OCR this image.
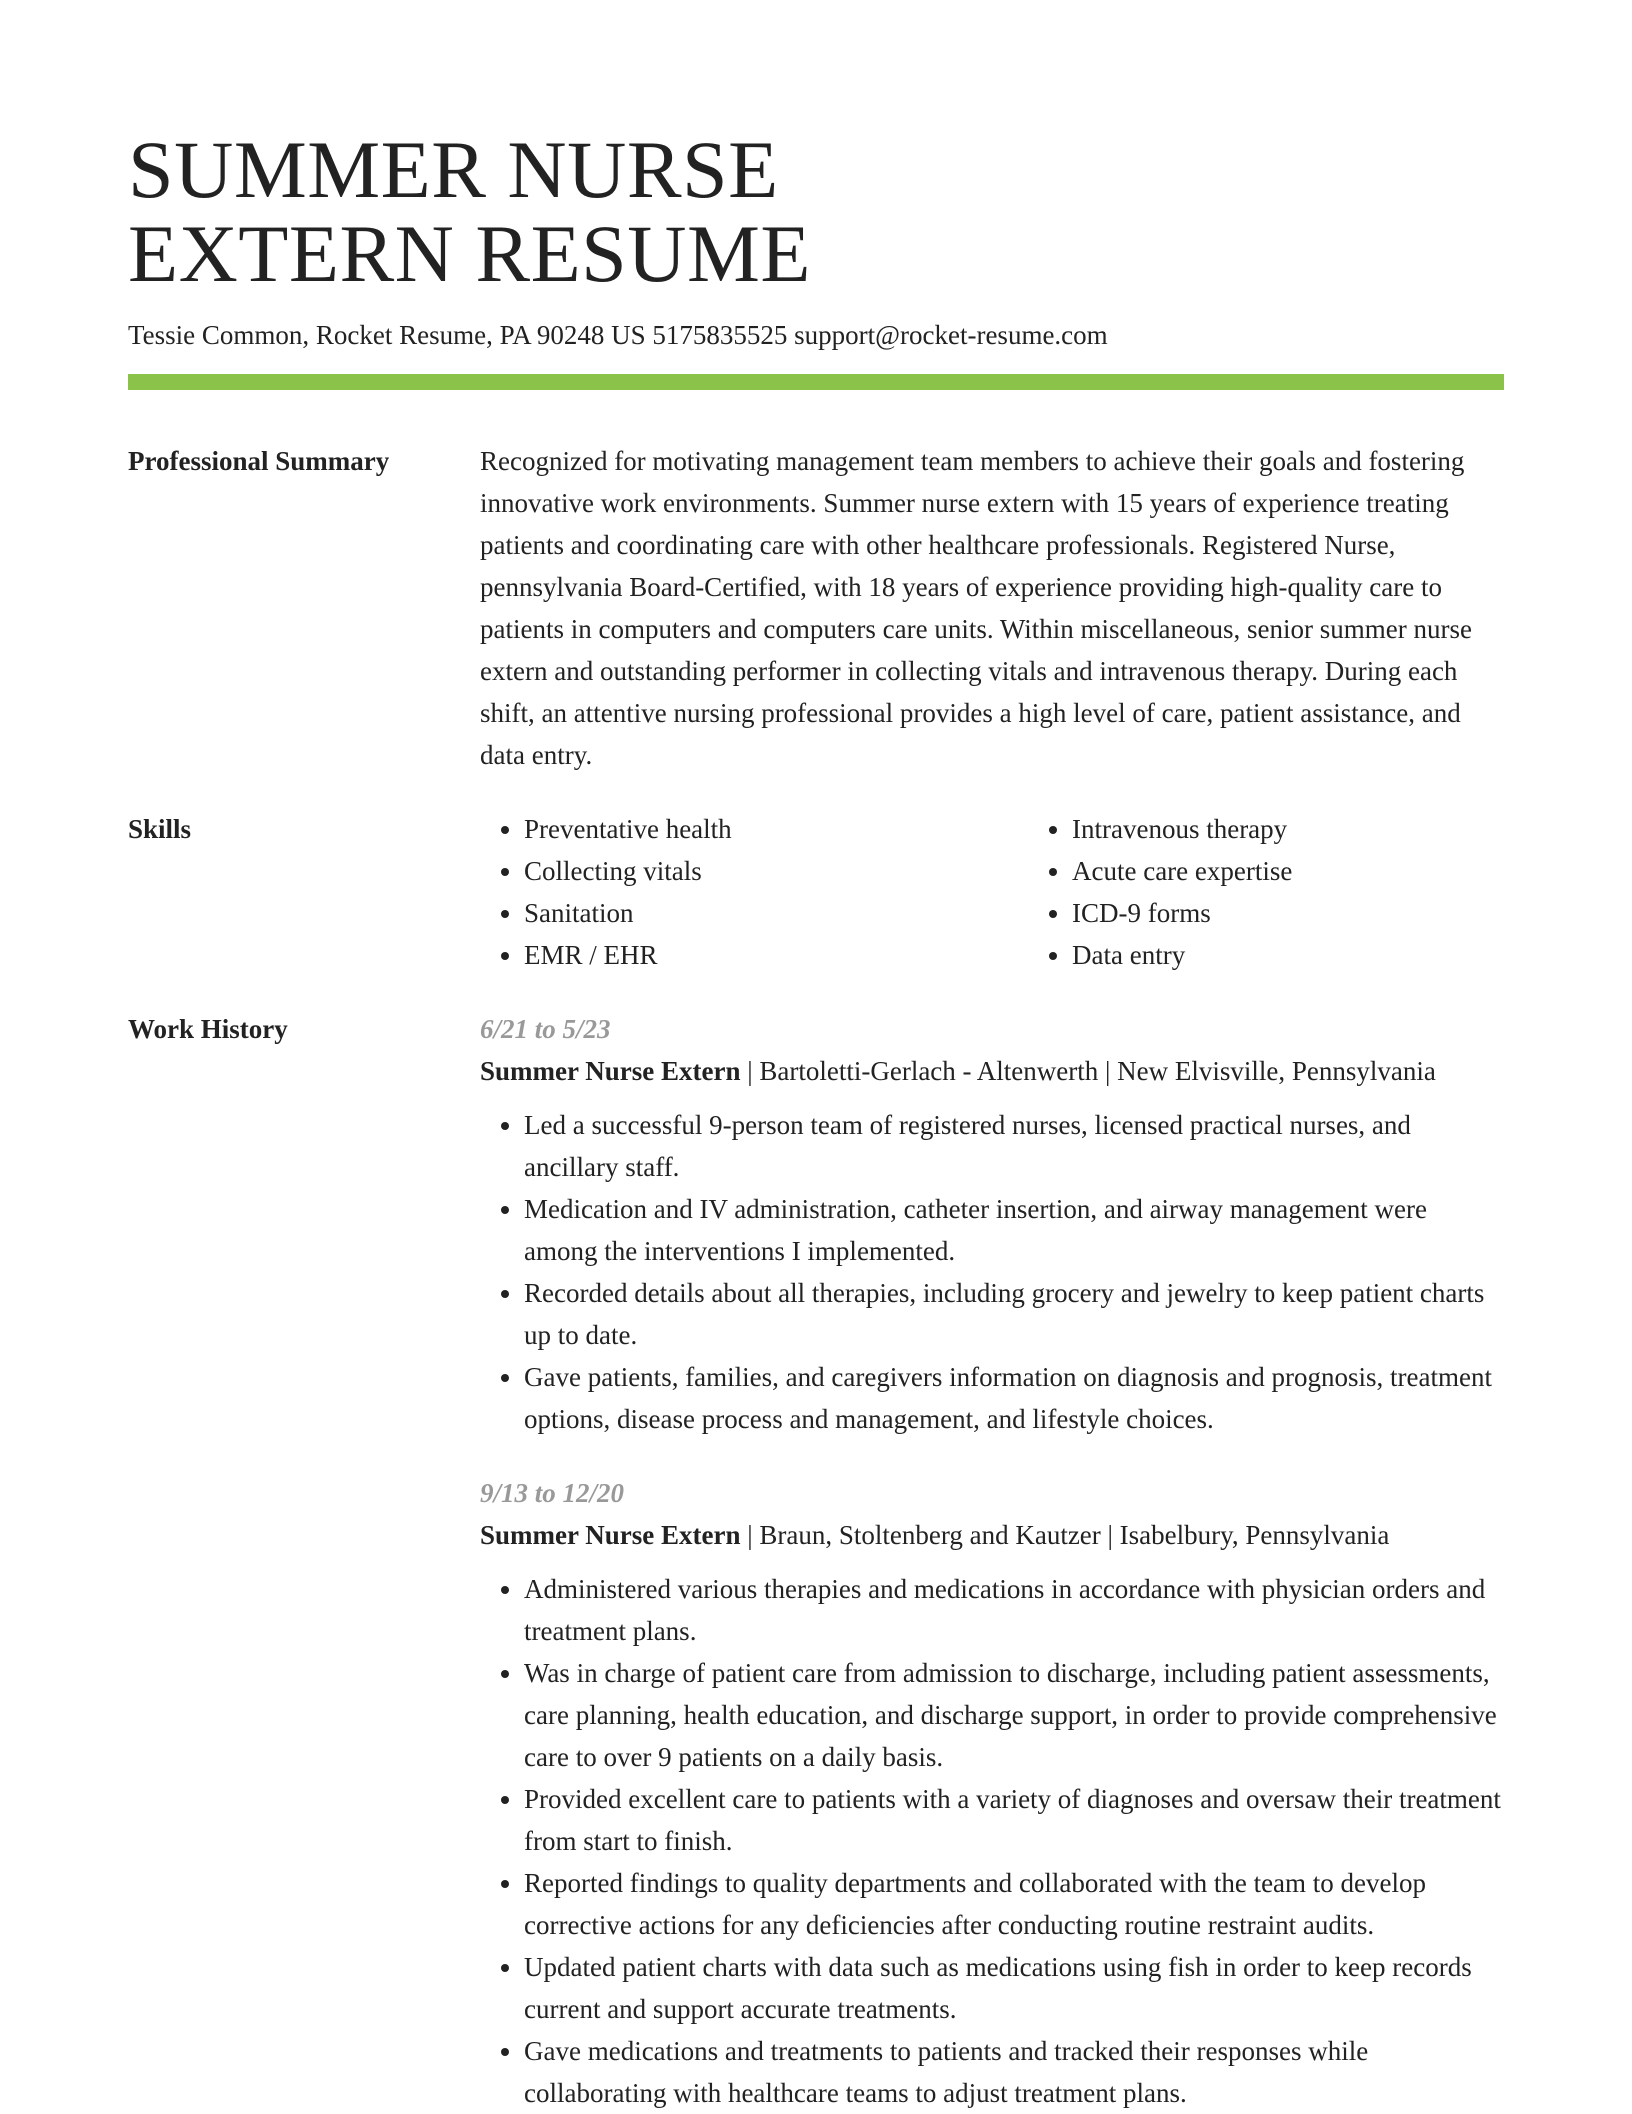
SUMMER NURSE
EXTERN RESUME
Tessie Common, Rocket Resume, PA 90248 US 5175835525 support@rocket-resume.com
Professional Summary	Recognized for motivating management team members to achieve their goals and fostering innovative work environments. Summer nurse extern with 15 years of experience treating patients and coordinating care with other healthcare professionals. Registered Nurse, pennsylvania Board-Certified, with 18 years of experience providing high-quality care to patients in computers and computers care units. Within miscellaneous, senior summer nurse extern and outstanding performer in collecting vitals and intravenous therapy. During each shift, an attentive nursing professional provides a high level of care, patient assistance, and data entry.

Skills
•	Preventative health
• Collecting vitals
• Sanitation
• EMR / EHR
• Intravenous therapy
• Acute care expertise
• ICD-9 forms
• Data entry
Work History	6/21 to 5/23
Summer Nurse Extern | Bartoletti-Gerlach - Altenwerth | New Elvisville, Pennsylvania
• Led a successful 9-person team of registered nurses, licensed practical nurses, and ancillary staff.
• Medication and IV administration, catheter insertion, and airway management were among the interventions I implemented.
• Recorded details about all therapies, including grocery and jewelry to keep patient charts up to date.
• Gave patients, families, and caregivers information on diagnosis and prognosis, treatment options, disease process and management, and lifestyle choices.
9/13 to 12/20
Summer Nurse Extern | Braun, Stoltenberg and Kautzer | Isabelbury, Pennsylvania
• Administered various therapies and medications in accordance with physician orders and treatment plans.
• Was in charge of patient care from admission to discharge, including patient assessments, care planning, health education, and discharge support, in order to provide comprehensive care to over 9 patients on a daily basis.
• Provided excellent care to patients with a variety of diagnoses and oversaw their treatment from start to finish.
• Reported findings to quality departments and collaborated with the team to develop corrective actions for any deficiencies after conducting routine restraint audits.
• Updated patient charts with data such as medications using fish in order to keep records current and support accurate treatments.
• Gave medications and treatments to patients and tracked their responses while collaborating with healthcare teams to adjust treatment plans.
